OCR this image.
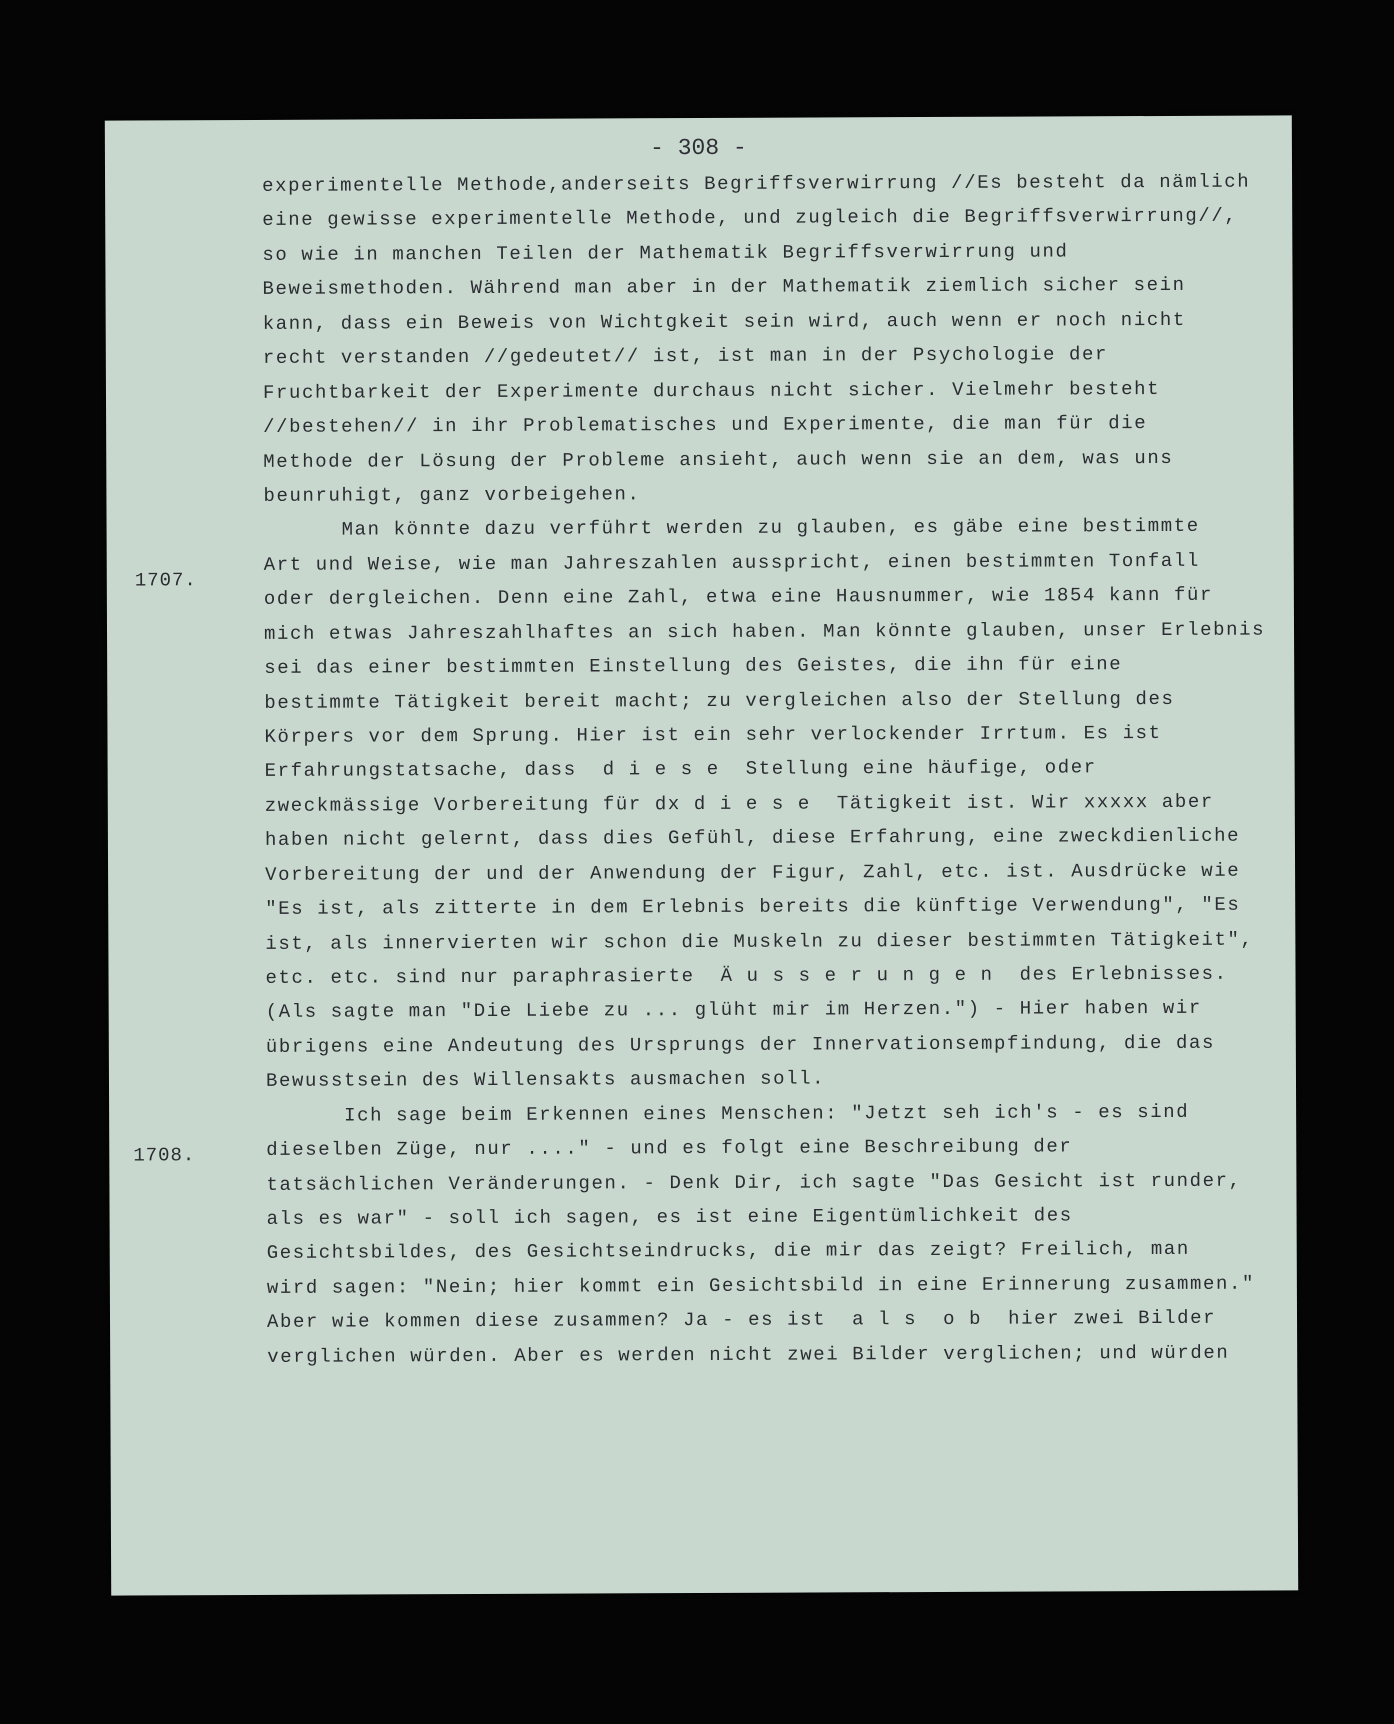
- 308 -
1707.
1708.
experimentelle Methode,anderseits Begriffsverwirrung //Es besteht da nämlich
eine gewisse experimentelle Methode, und zugleich die Begriffsverwirrung//,
so wie in manchen Teilen der Mathematik Begriffsverwirrung und
Beweismethoden. Während man aber in der Mathematik ziemlich sicher sein
kann, dass ein Beweis von Wichtgkeit sein wird, auch wenn er noch nicht
recht verstanden //gedeutet// ist, ist man in der Psychologie der
Fruchtbarkeit der Experimente durchaus nicht sicher. Vielmehr besteht
//bestehen// in ihr Problematisches und Experimente, die man für die
Methode der Lösung der Probleme ansieht, auch wenn sie an dem, was uns
beunruhigt, ganz vorbeigehen.
Man könnte dazu verführt werden zu glauben, es gäbe eine bestimmte
Art und Weise, wie man Jahreszahlen ausspricht, einen bestimmten Tonfall
oder dergleichen. Denn eine Zahl, etwa eine Hausnummer, wie 1854 kann für
mich etwas Jahreszahlhaftes an sich haben. Man könnte glauben, unser Erlebnis
sei das einer bestimmten Einstellung des Geistes, die ihn für eine
bestimmte Tätigkeit bereit macht; zu vergleichen also der Stellung des
Körpers vor dem Sprung. Hier ist ein sehr verlockender Irrtum. Es ist
Erfahrungstatsache, dass  d i e s e  Stellung eine häufige, oder
zweckmässige Vorbereitung für dx d i e s e  Tätigkeit ist. Wir xxxxx aber
haben nicht gelernt, dass dies Gefühl, diese Erfahrung, eine zweckdienliche
Vorbereitung der und der Anwendung der Figur, Zahl, etc. ist. Ausdrücke wie
"Es ist, als zitterte in dem Erlebnis bereits die künftige Verwendung", "Es
ist, als innervierten wir schon die Muskeln zu dieser bestimmten Tätigkeit",
etc. etc. sind nur paraphrasierte  Ä u s s e r u n g e n  des Erlebnisses.
(Als sagte man "Die Liebe zu ... glüht mir im Herzen.") - Hier haben wir
übrigens eine Andeutung des Ursprungs der Innervationsempfindung, die das
Bewusstsein des Willensakts ausmachen soll.
Ich sage beim Erkennen eines Menschen: "Jetzt seh ich's - es sind
dieselben Züge, nur ...." - und es folgt eine Beschreibung der
tatsächlichen Veränderungen. - Denk Dir, ich sagte "Das Gesicht ist runder,
als es war" - soll ich sagen, es ist eine Eigentümlichkeit des
Gesichtsbildes, des Gesichtseindrucks, die mir das zeigt? Freilich, man
wird sagen: "Nein; hier kommt ein Gesichtsbild in eine Erinnerung zusammen."
Aber wie kommen diese zusammen? Ja - es ist  a l s  o b  hier zwei Bilder
verglichen würden. Aber es werden nicht zwei Bilder verglichen; und würden
